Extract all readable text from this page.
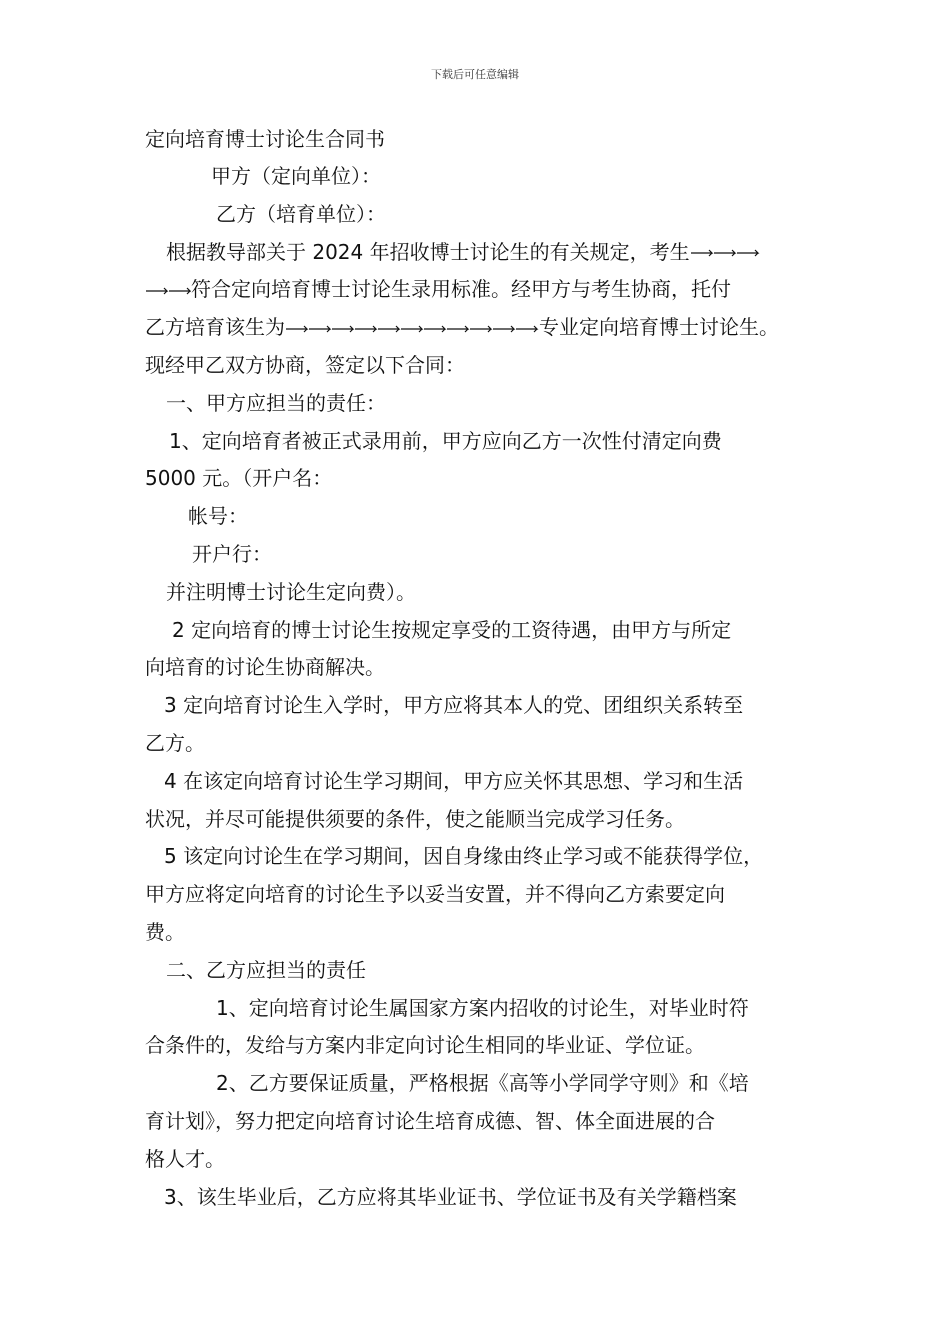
下载后可任意编辑
定向培育博士讨论生合同书
甲方（定向单位）：
乙方（培育单位）：
根据教导部关于 2024 年招收博士讨论生的有关规定，考生
符合定向培育博士讨论生录用标准。经甲方与考生协商，托付
乙方培育该生为	专业定向培育博士讨论生。
现经甲乙双方协商，签定以下合同：
一、甲方应担当的责任：
1、定向培育者被正式录用前，甲方应向乙方一次性付清定向费
5000 元。（开户名：
帐号：
开户行：
并注明博士讨论生定向费）。
2 定向培育的博士讨论生按规定享受的工资待遇，由甲方与所定
向培育的讨论生协商解决。
3 定向培育讨论生入学时，甲方应将其本人的党、团组织关系转至
乙方。
4 在该定向培育讨论生学习期间，甲方应关怀其思想、学习和生活
状况，并尽可能提供须要的条件，使之能顺当完成学习任务。
5 该定向讨论生在学习期间，因自身缘由终止学习或不能获得学位，
甲方应将定向培育的讨论生予以妥当安置，并不得向乙方索要定向
费。
二、乙方应担当的责任
1、定向培育讨论生属国家方案内招收的讨论生，对毕业时符
合条件的，发给与方案内非定向讨论生相同的毕业证、学位证。
2、乙方要保证质量，严格根据《高等小学同学守则》和《培
育计划》，努力把定向培育讨论生培育成德、智、体全面进展的合
格人才。
3、该生毕业后，乙方应将其毕业证书、学位证书及有关学籍档案
